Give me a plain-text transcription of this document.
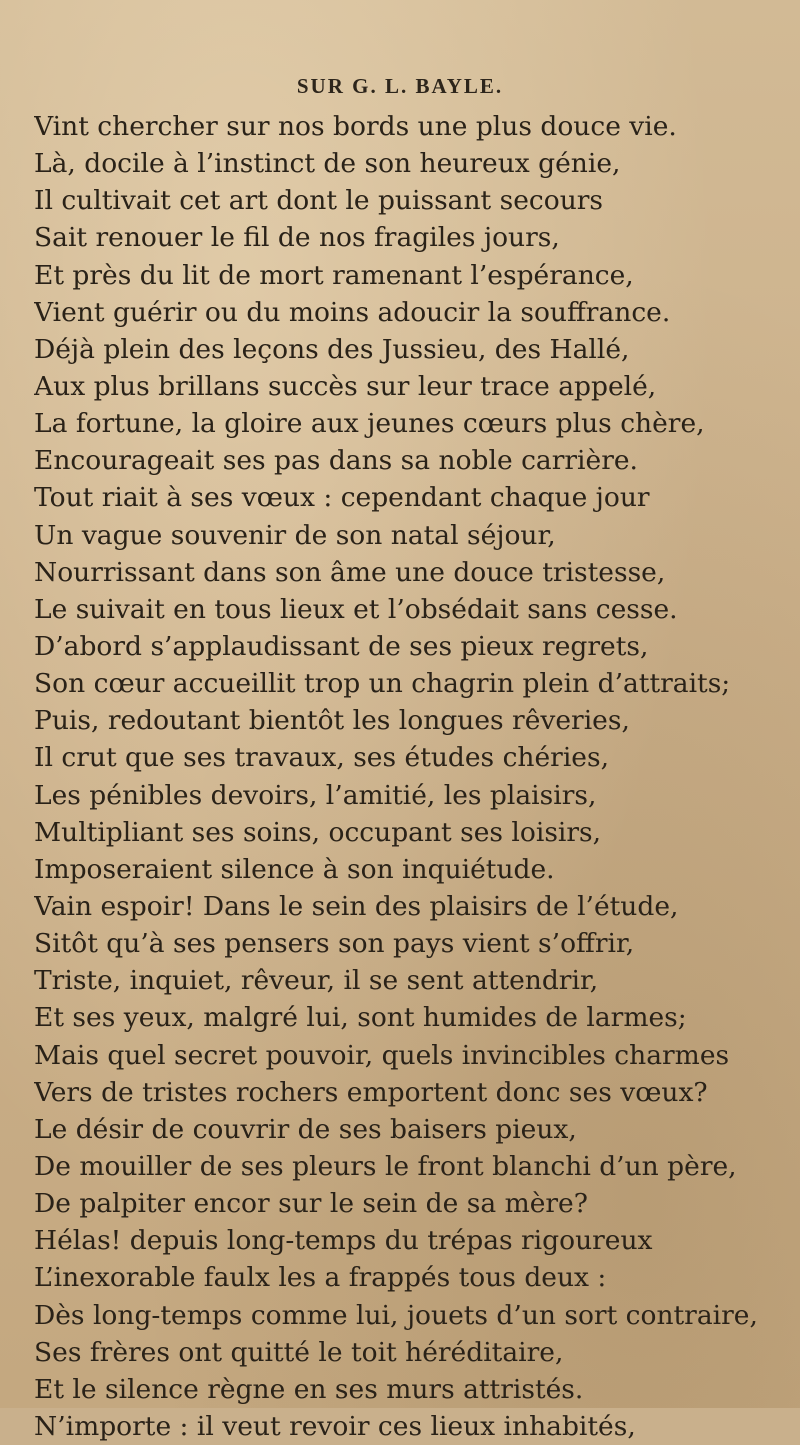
SUR G. L. BAYLE.
Vint chercher sur nos bords une plus douce vie.
Là, docile à l’instinct de son heureux génie,
Il cultivait cet art dont le puissant secours
Sait renouer le fil de nos fragiles jours,
Et près du lit de mort ramenant l’espérance,
Vient guérir ou du moins adoucir la souffrance.
Déjà plein des leçons des Jussieu, des Hallé,
Aux plus brillans succès sur leur trace appelé,
La fortune, la gloire aux jeunes cœurs plus chère,
Encourageait ses pas dans sa noble carrière.
Tout riait à ses vœux : cependant chaque jour
Un vague souvenir de son natal séjour,
Nourrissant dans son âme une douce tristesse,
Le suivait en tous lieux et l’obsédait sans cesse.
D’abord s’applaudissant de ses pieux regrets,
Son cœur accueillit trop un chagrin plein d’attraits;
Puis, redoutant bientôt les longues rêveries,
Il crut que ses travaux, ses études chéries,
Les pénibles devoirs, l’amitié, les plaisirs,
Multipliant ses soins, occupant ses loisirs,
Imposeraient silence à son inquiétude.
Vain espoir! Dans le sein des plaisirs de l’étude,
Sitôt qu’à ses pensers son pays vient s’offrir,
Triste, inquiet, rêveur, il se sent attendrir,
Et ses yeux, malgré lui, sont humides de larmes;
Mais quel secret pouvoir, quels invincibles charmes
Vers de tristes rochers emportent donc ses vœux?
Le désir de couvrir de ses baisers pieux,
De mouiller de ses pleurs le front blanchi d’un père,
De palpiter encor sur le sein de sa mère?
Hélas! depuis long-temps du trépas rigoureux
L’inexorable faulx les a frappés tous deux :
Dès long-temps comme lui, jouets d’un sort contraire,
Ses frères ont quitté le toit héréditaire,
Et le silence règne en ses murs attristés.
N’importe : il veut revoir ces lieux inhabités,
